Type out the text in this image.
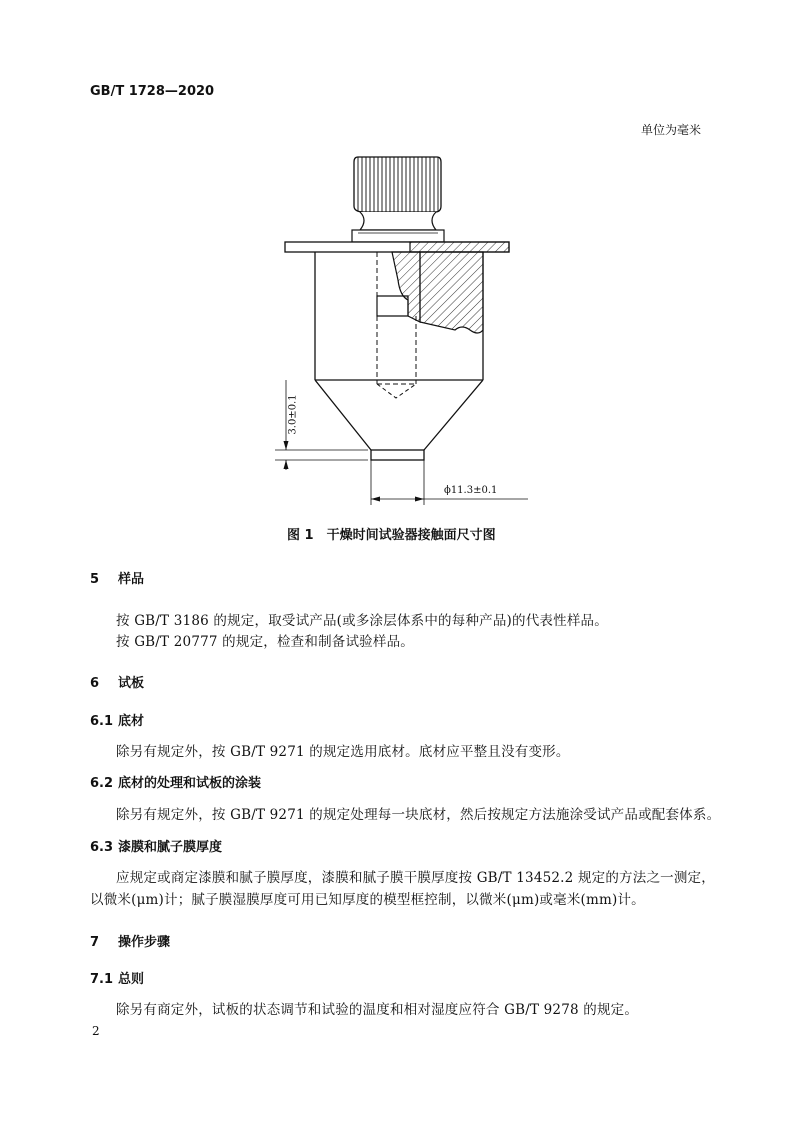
GB/T 1728—2020
单位为毫米
3.0±0.1
ϕ11.3±0.1
图 1　干燥时间试验器接触面尺寸图
5 样品
按 GB/T 3186 的规定，取受试产品(或多涂层体系中的每种产品)的代表性样品。
按 GB/T 20777 的规定，检查和制备试验样品。
6 试板
6.1 底材
除另有规定外，按 GB/T 9271 的规定选用底材。底材应平整且没有变形。
6.2 底材的处理和试板的涂装
除另有规定外，按 GB/T 9271 的规定处理每一块底材，然后按规定方法施涂受试产品或配套体系。
6.3 漆膜和腻子膜厚度
应规定或商定漆膜和腻子膜厚度，漆膜和腻子膜干膜厚度按 GB/T 13452.2 规定的方法之一测定，
以微米(μm)计；腻子膜湿膜厚度可用已知厚度的模型框控制，以微米(μm)或毫米(mm)计。
7 操作步骤
7.1 总则
除另有商定外，试板的状态调节和试验的温度和相对湿度应符合 GB/T 9278 的规定。
2
